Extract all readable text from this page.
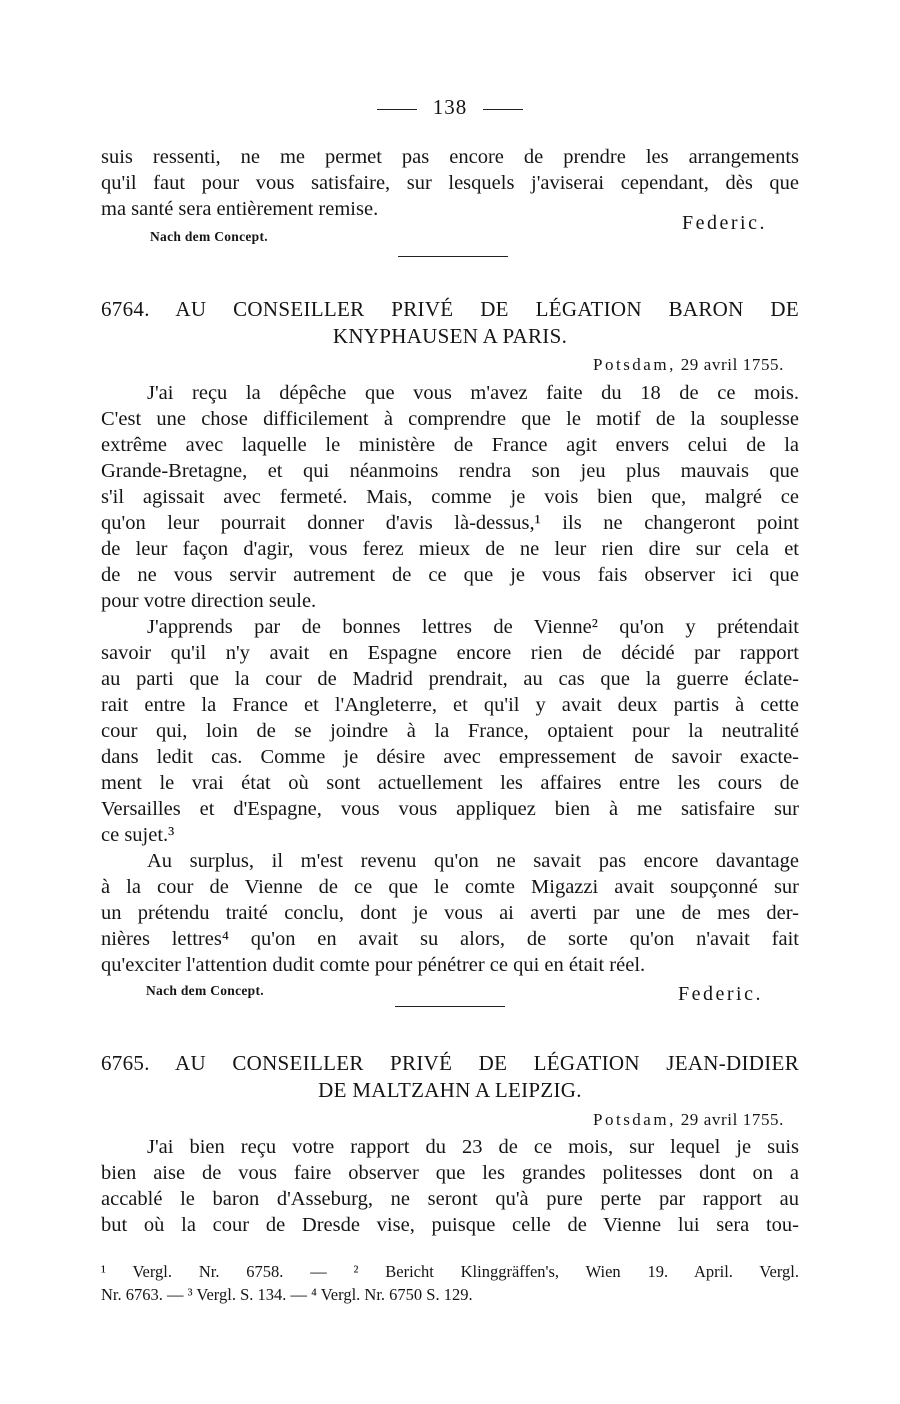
138
suis ressenti, ne me permet pas encore de prendre les arrangements
qu'il faut pour vous satisfaire, sur lesquels j'aviserai cependant, dès que
ma santé sera entièrement remise.
Federic.
Nach dem Concept.
6764. AU CONSEILLER PRIVÉ DE LÉGATION BARON DE
KNYPHAUSEN A PARIS.
Potsdam, 29 avril 1755.
J'ai reçu la dépêche que vous m'avez faite du 18 de ce mois.
C'est une chose difficilement à comprendre que le motif de la souplesse
extrême avec laquelle le ministère de France agit envers celui de la
Grande-Bretagne, et qui néanmoins rendra son jeu plus mauvais que
s'il agissait avec fermeté. Mais, comme je vois bien que, malgré ce
qu'on leur pourrait donner d'avis là-dessus,¹ ils ne changeront point
de leur façon d'agir, vous ferez mieux de ne leur rien dire sur cela et
de ne vous servir autrement de ce que je vous fais observer ici que
pour votre direction seule.
J'apprends par de bonnes lettres de Vienne² qu'on y prétendait
savoir qu'il n'y avait en Espagne encore rien de décidé par rapport
au parti que la cour de Madrid prendrait, au cas que la guerre éclate-
rait entre la France et l'Angleterre, et qu'il y avait deux partis à cette
cour qui, loin de se joindre à la France, optaient pour la neutralité
dans ledit cas. Comme je désire avec empressement de savoir exacte-
ment le vrai état où sont actuellement les affaires entre les cours de
Versailles et d'Espagne, vous vous appliquez bien à me satisfaire sur
ce sujet.³
Au surplus, il m'est revenu qu'on ne savait pas encore davantage
à la cour de Vienne de ce que le comte Migazzi avait soupçonné sur
un prétendu traité conclu, dont je vous ai averti par une de mes der-
nières lettres⁴ qu'on en avait su alors, de sorte qu'on n'avait fait
qu'exciter l'attention dudit comte pour pénétrer ce qui en était réel.
Nach dem Concept.	Federic.
6765. AU CONSEILLER PRIVÉ DE LÉGATION JEAN-DIDIER
DE MALTZAHN A LEIPZIG.
Potsdam, 29 avril 1755.
J'ai bien reçu votre rapport du 23 de ce mois, sur lequel je suis
bien aise de vous faire observer que les grandes politesses dont on a
accablé le baron d'Asseburg, ne seront qu'à pure perte par rapport au
but où la cour de Dresde vise, puisque celle de Vienne lui sera tou-
¹ Vergl. Nr. 6758. — ² Bericht Klinggräffen's, Wien 19. April. Vergl.
Nr. 6763. — ³ Vergl. S. 134. — ⁴ Vergl. Nr. 6750 S. 129.
